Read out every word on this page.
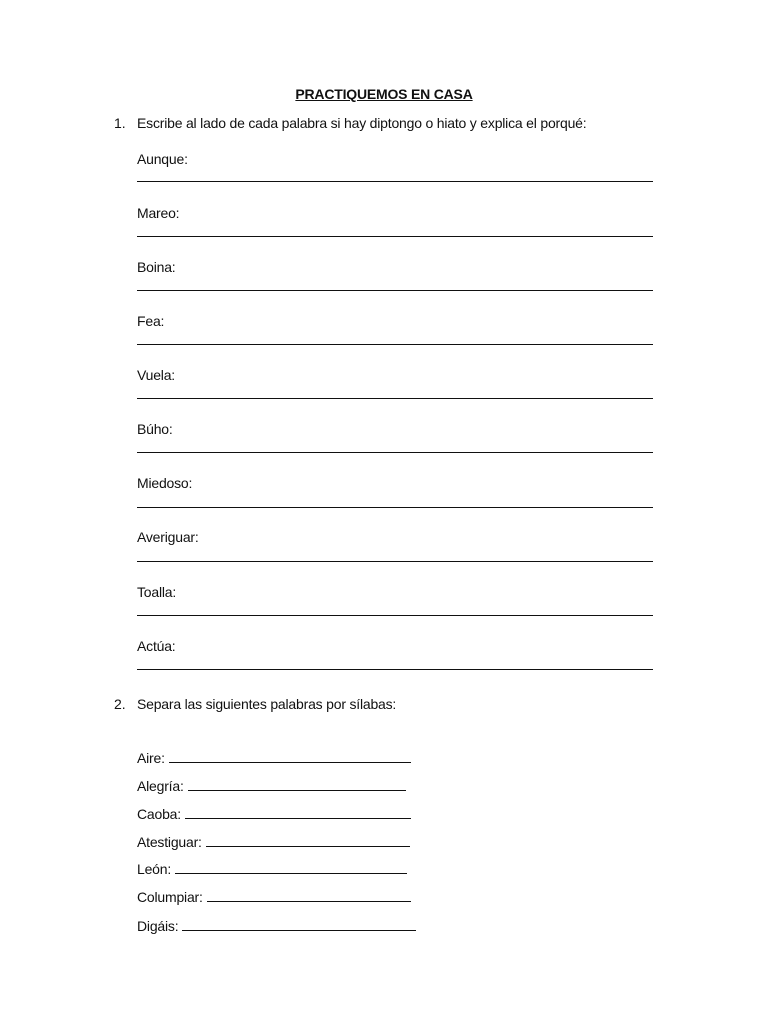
PRACTIQUEMOS EN CASA
1. Escribe al lado de cada palabra si hay diptongo o hiato y explica el porqué:
Aunque:
Mareo:
Boina:
Fea:
Vuela:
Búho:
Miedoso:
Averiguar:
Toalla:
Actúa:
2. Separa las siguientes palabras por sílabas:
Aire:
Alegría:
Caoba:
Atestiguar:
León:
Columpiar:
Digáis:
